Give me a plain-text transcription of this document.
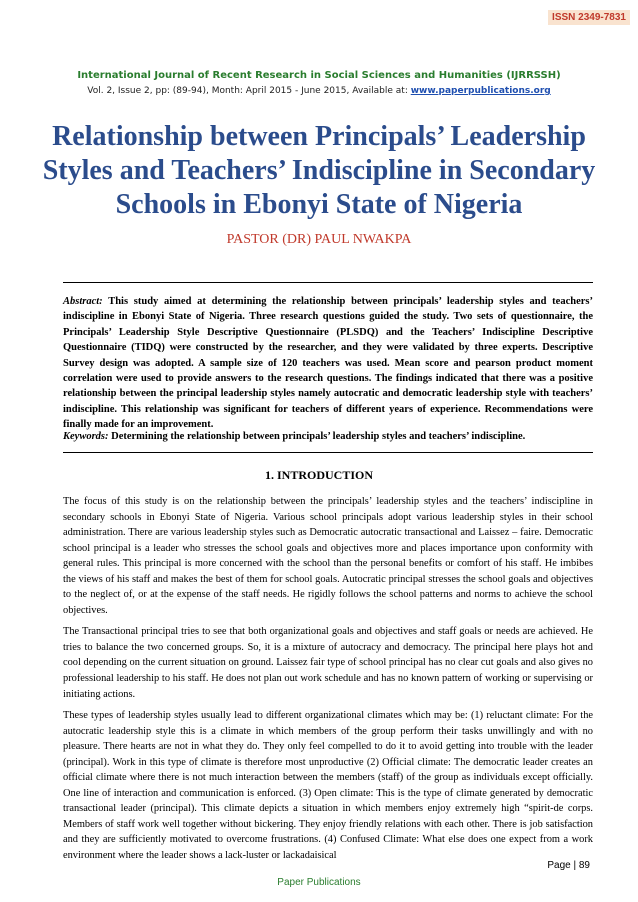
ISSN 2349-7831
International Journal of Recent Research in Social Sciences and Humanities (IJRRSSH)
Vol. 2, Issue 2, pp: (89-94), Month: April 2015 - June 2015, Available at: www.paperpublications.org
Relationship between Principals’ Leadership Styles and Teachers’ Indiscipline in Secondary Schools in Ebonyi State of Nigeria
PASTOR (DR) PAUL NWAKPA

Abstract: This study aimed at determining the relationship between principals’ leadership styles and teachers’ indiscipline in Ebonyi State of Nigeria. Three research questions guided the study. Two sets of questionnaire, the Principals’ Leadership Style Descriptive Questionnaire (PLSDQ) and the Teachers’ Indiscipline Descriptive Questionnaire (TIDQ) were constructed by the researcher, and they were validated by three experts. Descriptive Survey design was adopted. A sample size of 120 teachers was used. Mean score and pearson product moment correlation were used to provide answers to the research questions. The findings indicated that there was a positive relationship between the principal leadership styles namely autocratic and democratic leadership style with teachers’ indiscipline. This relationship was significant for teachers of different years of experience. Recommendations were finally made for an improvement.

Keywords: Determining the relationship between principals’ leadership styles and teachers’ indiscipline.

1. INTRODUCTION

The focus of this study is on the relationship between the principals’ leadership styles and the teachers’ indiscipline in secondary schools in Ebonyi State of Nigeria. Various school principals adopt various leadership styles in their school administration. There are various leadership styles such as Democratic autocratic transactional and Laissez – faire. Democratic school principal is a leader who stresses the school goals and objectives more and places importance upon conformity with general rules. This principal is more concerned with the school than the personal benefits or comfort of his staff. He imbibes the views of his staff and makes the best of them for school goals. Autocratic principal stresses the school goals and objectives to the neglect of, or at the expense of the staff needs. He rigidly follows the school patterns and norms to achieve the school objectives.

The Transactional principal tries to see that both organizational goals and objectives and staff goals or needs are achieved. He tries to balance the two concerned groups. So, it is a mixture of autocracy and democracy. The principal here plays hot and cool depending on the current situation on ground. Laissez fair type of school principal has no clear cut goals and also gives no professional leadership to his staff. He does not plan out work schedule and has no known pattern of working or supervising or initiating actions.

These types of leadership styles usually lead to different organizational climates which may be: (1) reluctant climate: For the autocratic leadership style this is a climate in which members of the group perform their tasks unwillingly and with no pleasure. There hearts are not in what they do. They only feel compelled to do it to avoid getting into trouble with the leader (principal). Work in this type of climate is therefore most unproductive (2) Official climate: The democratic leader creates an official climate where there is not much interaction between the members (staff) of the group as individuals except officially. One line of interaction and communication is enforced. (3) Open climate: This is the type of climate generated by democratic transactional leader (principal). This climate depicts a situation in which members enjoy extremely high “spirit-de corps. Members of staff work well together without bickering. They enjoy friendly relations with each other. There is job satisfaction and they are sufficiently motivated to overcome frustrations. (4) Confused Climate: What else does one expect from a work environment where the leader shows a lack-luster or lackadaisical

Page | 89
Paper Publications
